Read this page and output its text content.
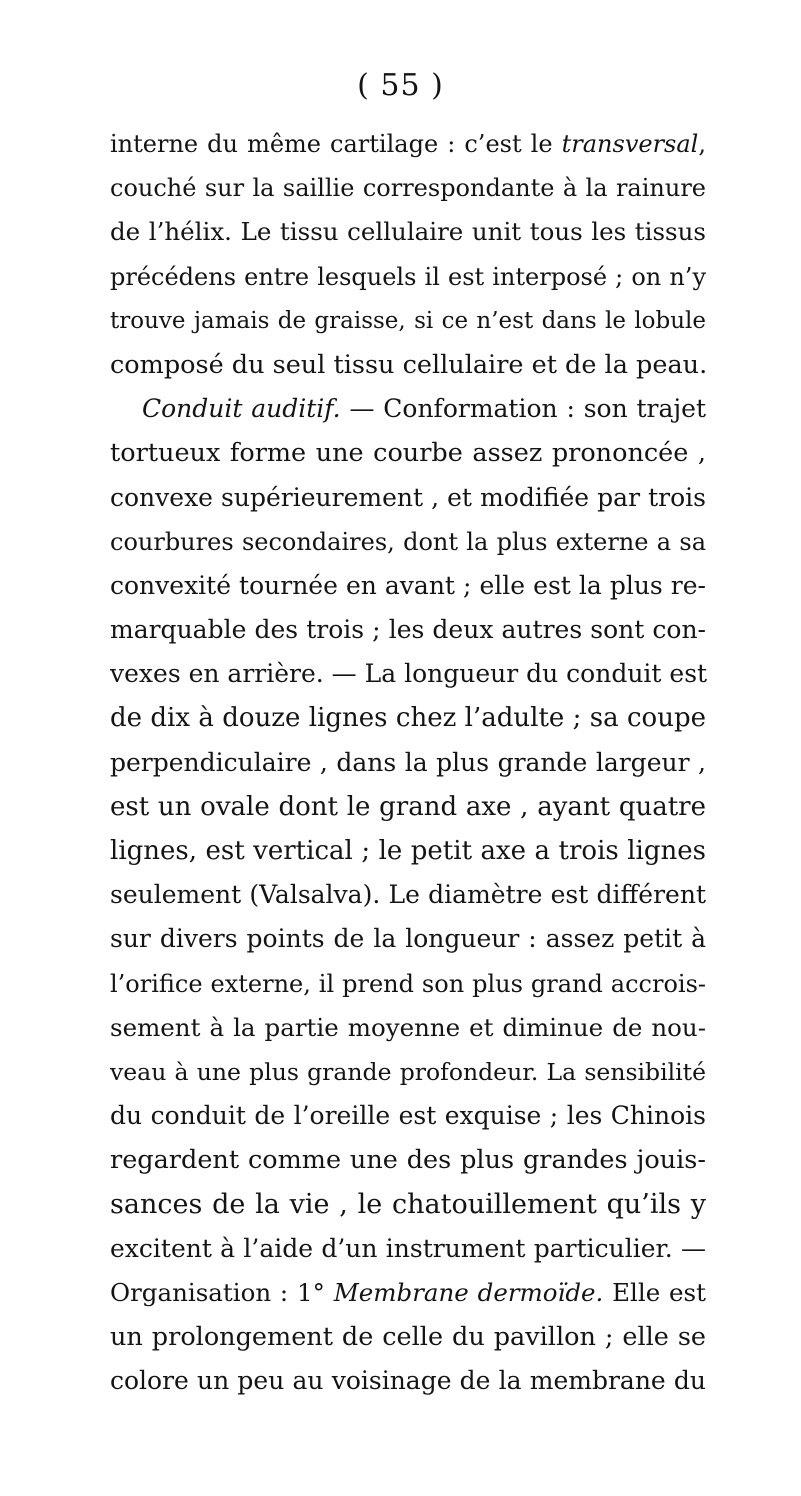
( 55 )
interne du même cartilage : c’est le transversal,
couché sur la saillie correspondante à la rainure
de l’hélix. Le tissu cellulaire unit tous les tissus
précédens entre lesquels il est interposé ; on n’y
trouve jamais de graisse, si ce n’est dans le lobule
composé du seul tissu cellulaire et de la peau.
Conduit auditif. — Conformation : son trajet
tortueux forme une courbe assez prononcée ,
convexe supérieurement , et modifiée par trois
courbures secondaires, dont la plus externe a sa
convexité tournée en avant ; elle est la plus re-
marquable des trois ; les deux autres sont con-
vexes en arrière. — La longueur du conduit est
de dix à douze lignes chez l’adulte ; sa coupe
perpendiculaire , dans la plus grande largeur ,
est un ovale dont le grand axe , ayant quatre
lignes, est vertical ; le petit axe a trois lignes
seulement (Valsalva). Le diamètre est différent
sur divers points de la longueur : assez petit à
l’orifice externe, il prend son plus grand accrois-
sement à la partie moyenne et diminue de nou-
veau à une plus grande profondeur. La sensibilité
du conduit de l’oreille est exquise ; les Chinois
regardent comme une des plus grandes jouis-
sances de la vie , le chatouillement qu’ils y
excitent à l’aide d’un instrument particulier. —
Organisation : 1° Membrane dermoïde. Elle est
un prolongement de celle du pavillon ; elle se
colore un peu au voisinage de la membrane du
